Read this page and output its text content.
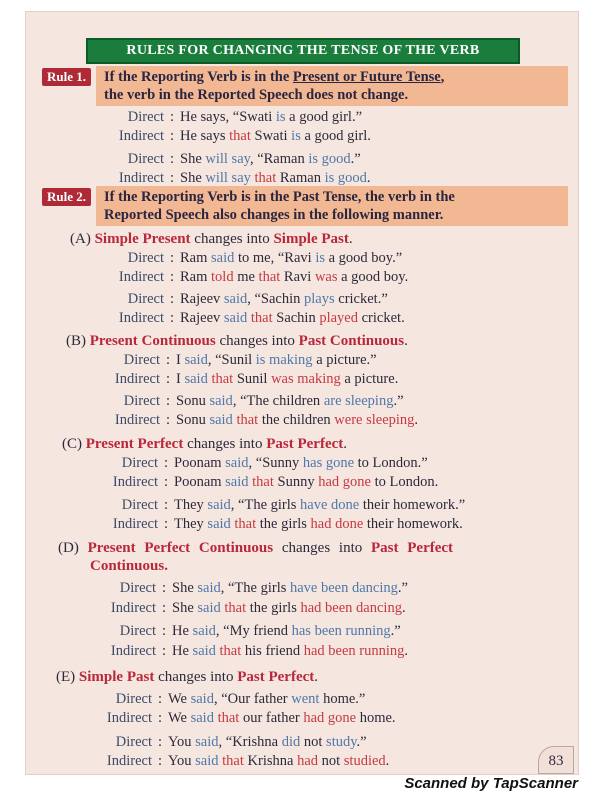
RULES FOR CHANGING THE TENSE OF THE VERB
Rule 1.	If the Reporting Verb is in the Present or Future Tense,
the verb in the Reported Speech does not change.
Direct : He says, “Swati is a good girl.”
Indirect : He says that Swati is a good girl.
Direct : She will say, “Raman is good.”
Indirect : She will say that Raman is good.
Rule 2.	If the Reporting Verb is in the Past Tense, the verb in the
Reported Speech also changes in the following manner.
(A) Simple Present changes into Simple Past.
Direct : Ram said to me, “Ravi is a good boy.”
Indirect : Ram told me that Ravi was a good boy.
Direct : Rajeev said, “Sachin plays cricket.”
Indirect : Rajeev said that Sachin played cricket.
(B) Present Continuous changes into Past Continuous.
Direct : I said, “Sunil is making a picture.”
Indirect : I said that Sunil was making a picture.
Direct : Sonu said, “The children are sleeping.”
Indirect : Sonu said that the children were sleeping.
(C) Present Perfect changes into Past Perfect.
Direct : Poonam said, “Sunny has gone to London.”
Indirect : Poonam said that Sunny had gone to London.
Direct : They said, “The girls have done their homework.”
Indirect : They said that the girls had done their homework.
(D) Present Perfect Continuous changes into Past Perfect
Continuous.
Direct : She said, “The girls have been dancing.”
Indirect : She said that the girls had been dancing.
Direct : He said, “My friend has been running.”
Indirect : He said that his friend had been running.
(E) Simple Past changes into Past Perfect.
Direct : We said, “Our father went home.”
Indirect : We said that our father had gone home.
Direct : You said, “Krishna did not study.”
Indirect : You said that Krishna had not studied.	83
Scanned by TapScanner
